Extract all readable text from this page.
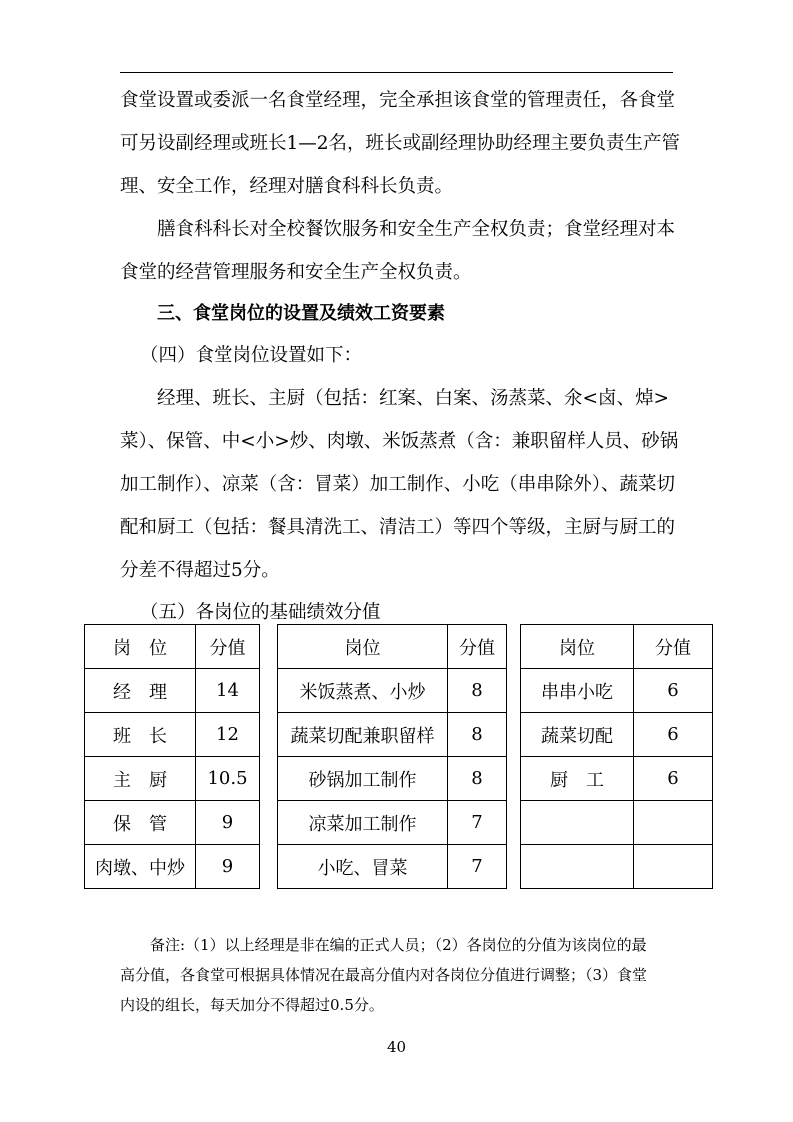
食堂设置或委派一名食堂经理，完全承担该食堂的管理责任，各食堂
可另设副经理或班长1—2名，班长或副经理协助经理主要负责生产管
理、安全工作，经理对膳食科科长负责。
膳食科科长对全校餐饮服务和安全生产全权负责；食堂经理对本
食堂的经营管理服务和安全生产全权负责。
三、食堂岗位的设置及绩效工资要素
（四）食堂岗位设置如下：
经理、班长、主厨（包括：红案、白案、汤蒸菜、氽<卤、焯>
菜）、保管、中<小>炒、肉墩、米饭蒸煮（含：兼职留样人员、砂锅
加工制作）、凉菜（含：冒菜）加工制作、小吃（串串除外）、蔬菜切
配和厨工（包括：餐具清洗工、清洁工）等四个等级，主厨与厨工的
分差不得超过5分。
（五）各岗位的基础绩效分值
岗　位	分值
经　理	14
班　长	12
主　厨	10.5
保　管	9
肉墩、中炒	9
岗位	分值
米饭蒸煮、小炒	8
蔬菜切配兼职留样	8
砂锅加工制作	8
凉菜加工制作	7
小吃、冒菜	7
岗位	分值
串串小吃	6
蔬菜切配	6
厨　工	6

备注:（1）以上经理是非在编的正式人员；（2）各岗位的分值为该岗位的最
高分值，各食堂可根据具体情况在最高分值内对各岗位分值进行调整；（3）食堂
内设的组长，每天加分不得超过0.5分。
40
